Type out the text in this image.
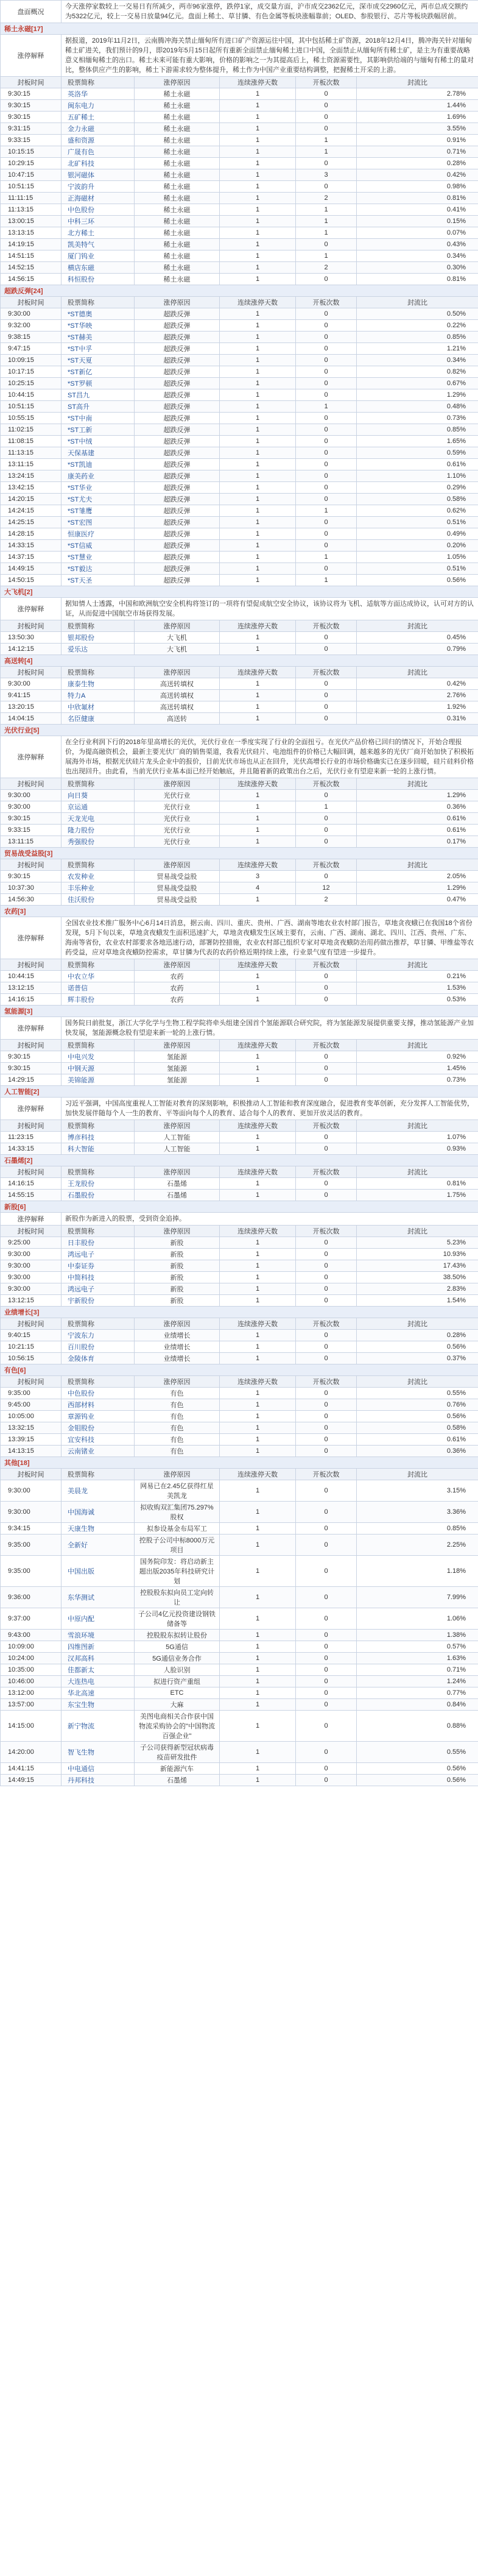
盘面概况	今天涨停家数较上一交易日有所减少，两市96家涨停，跌停1家，成交量方面，沪市成交2362亿元，深市成交2960亿元，两市总成交额约为5322亿元，较上一交易日放量94亿元。盘面上稀土、草甘膦、有色金属等板块涨幅靠前；OLED、参股银行、芯片等板块跌幅居前。				
稀土永磁[17]					
涨停解释	据报道，2019年11月2日，云南腾冲海关禁止缅甸所有进口矿产资源运往中国，其中包括稀土矿资源，2018年12月4日，腾冲海关针对缅甸稀土矿进关，我们预计的9月，即2019年5月15日起所有重新全面禁止缅甸稀土进口中国，全面禁止从缅甸所有稀土矿，是主为有重要战略意义相缅甸稀土的出口。稀土未来可能有重大影响，价格的影响之一为其提高后上，稀土资源需要性，其影响供给端的与缅甸有稀土的量对比，整体供应产生的影响，稀土下游需求较为整体提升，稀土作为中国产业重要结构调整，把握稀土开采的上游。				
封板时间	股票简称	涨停原因	连续涨停天数	开板次数	封流比
9:30:15	英洛华	稀土永磁	1	0	2.78%
9:30:15	闽东电力	稀土永磁	1	0	1.44%
9:30:15	五矿稀土	稀土永磁	1	0	1.69%
9:31:15	金力永磁	稀土永磁	1	0	3.55%
9:33:15	盛和资源	稀土永磁	1	1	0.91%
10:15:15	广晟有色	稀土永磁	1	1	0.71%
10:29:15	北矿科技	稀土永磁	1	0	0.28%
10:47:15	银河磁体	稀土永磁	1	3	0.42%
10:51:15	宁波韵升	稀土永磁	1	0	0.98%
11:11:15	正海磁材	稀土永磁	1	2	0.81%
11:13:15	中色股份	稀土永磁	1	1	0.41%
13:00:15	中科三环	稀土永磁	1	1	0.15%
13:13:15	北方稀土	稀土永磁	1	1	0.07%
14:19:15	凯美特气	稀土永磁	1	0	0.43%
14:51:15	厦门钨业	稀土永磁	1	1	0.34%
14:52:15	横店东磁	稀土永磁	1	2	0.30%
14:56:15	科恒股份	稀土永磁	1	0	0.81%
超跌反弹[24]					
封板时间	股票简称	涨停原因	连续涨停天数	开板次数	封流比
9:30:00	*ST德奥	超跌反弹	1	0	0.50%
9:32:00	*ST华映	超跌反弹	1	0	0.22%
9:38:15	*ST赫美	超跌反弹	1	0	0.85%
9:47:15	*ST中孚	超跌反弹	1	0	1.21%
10:09:15	*ST天夏	超跌反弹	1	0	0.34%
10:17:15	*ST新亿	超跌反弹	1	0	0.82%
10:25:15	*ST罗顿	超跌反弹	1	0	0.67%
10:44:15	ST昌九	超跌反弹	1	0	1.29%
10:51:15	ST高升	超跌反弹	1	1	0.48%
10:55:15	*ST中南	超跌反弹	1	0	0.73%
11:02:15	*ST工新	超跌反弹	1	0	0.85%
11:08:15	*ST中绒	超跌反弹	1	0	1.65%
11:13:15	天保基建	超跌反弹	1	0	0.59%
13:11:15	*ST凯迪	超跌反弹	1	0	0.61%
13:24:15	康美药业	超跌反弹	1	0	1.10%
13:42:15	*ST华业	超跌反弹	1	0	0.29%
14:20:15	*ST尤夫	超跌反弹	1	0	0.58%
14:24:15	*ST雏鹰	超跌反弹	1	1	0.62%
14:25:15	*ST宏图	超跌反弹	1	0	0.51%
14:28:15	恒康医疗	超跌反弹	1	0	0.49%
14:33:15	*ST信威	超跌反弹	1	0	0.20%
14:37:15	*ST慧业	超跌反弹	1	1	1.05%
14:49:15	*ST毅达	超跌反弹	1	0	0.51%
14:50:15	*ST天圣	超跌反弹	1	1	0.56%
大飞机[2]					
涨停解释	据知情人士透露，中国和欧洲航空安全机构将签订的一项将有望促成航空安全协议，该协议将为飞机、适航等方面达成协议，认可对方的认证，从而促进中国航空市场获得发展。				
封板时间	股票简称	涨停原因	连续涨停天数	开板次数	封流比
13:50:30	银邦股份	大飞机	1	0	0.45%
14:12:15	爱乐达	大飞机	1	0	0.79%
高送转[4]					
封板时间	股票简称	涨停原因	连续涨停天数	开板次数	封流比
9:30:00	康泰生物	高送转填权	1	0	0.42%
9:41:15	特力A	高送转填权	1	0	2.76%
13:20:15	中欣氟材	高送转填权	1	0	1.92%
14:04:15	名臣健康	高送转	1	0	0.31%
光伏行业[5]					
涨停解释	在全行业利润下行的2018年里高增长的光伏，光伏行业在一季度实现了行业的全面扭亏。在光伏产品价格已回归的情况下，开始合理报价，为提高融资机会，最新主要光伏厂商的销售渠道，我看光伏硅片、电池组件的价格已大幅回调，越来越多的光伏厂商开始加快了积极拓展海外市场，根据光伏硅片龙头企业中的报价，目前光伏市场也从正在回升，光伏高增长行业的市场价格确实已在逐步回暖，硅片硅料价格也出现回升。由此看，当前光伏行业基本面已经开始触底，并且随着新的政策出台之后，光伏行业有望迎来新一轮的上涨行情。				
封板时间	股票简称	涨停原因	连续涨停天数	开板次数	封流比
9:30:00	向日葵	光伏行业	1	0	1.29%
9:30:00	京运通	光伏行业	1	1	0.36%
9:30:15	天龙光电	光伏行业	1	0	0.61%
9:33:15	隆力股份	光伏行业	1	0	0.61%
13:11:15	秀强股份	光伏行业	1	0	0.17%
贸易战受益股[3]					
封板时间	股票简称	涨停原因	连续涨停天数	开板次数	封流比
9:30:15	农发种业	贸易战受益股	3	0	2.05%
10:37:30	丰乐种业	贸易战受益股	4	12	1.29%
14:56:30	佳沃股份	贸易战受益股	1	2	0.47%
农药[3]					
涨停解释	全国农业技术推广服务中心6月14日消息，据云南、四川、重庆、贵州、广西、湖南等地农业农村部门报告，草地贪夜蛾已在我国18个省份发现，5月下旬以来，草地贪夜蛾发生面积迅速扩大，草地贪夜蛾发生区域主要有，云南、广西、湖南、湖北、四川、江西、贵州、广东、海南等省份，农业农村部要求各地迅速行动，部署防控措施，农业农村部已组织专家对草地贪夜蛾防治用药做出推荐，草甘膦、甲维盐等农药受益，应对草地贪夜蛾防控需求，草甘膦为代表的农药价格近期持续上涨，行业景气度有望进一步提升。				
封板时间	股票简称	涨停原因	连续涨停天数	开板次数	封流比
10:44:15	中农立华	农药	1	0	0.21%
13:12:15	诺普信	农药	1	0	1.53%
14:16:15	辉丰股份	农药	1	0	0.53%
氢能源[3]					
涨停解释	国务院日前批复，浙江大学化学与生物工程学院将牵头组建全国首个氢能源联合研究院，将为氢能源发展提供重要支撑，推动氢能源产业加快发展，氢能源概念股有望迎来新一轮的上涨行情。				
封板时间	股票简称	涨停原因	连续涨停天数	开板次数	封流比
9:30:15	中电兴发	氢能源	1	0	0.92%
9:30:15	中钢天源	氢能源	1	0	1.45%
14:29:15	美锦能源	氢能源	1	0	0.73%
人工智能[2]					
涨停解释	习近平强调，中国高度重视人工智能对教育的深刻影响，积极推动人工智能和教育深度融合，促进教育变革创新，充分发挥人工智能优势，加快发展伴随每个人一生的教育、平等面向每个人的教育、适合每个人的教育、更加开放灵活的教育。				
封板时间	股票简称	涨停原因	连续涨停天数	开板次数	封流比
11:23:15	博彦科技	人工智能	1	0	1.07%
14:33:15	科大智能	人工智能	1	0	0.93%
石墨烯[2]					
封板时间	股票简称	涨停原因	连续涨停天数	开板次数	封流比
14:16:15	王龙股份	石墨烯	1	0	0.81%
14:55:15	石墨股份	石墨烯	1	0	1.75%
新股[6]					
涨停解释	新股作为新进入的股票，受到资金追捧。				
封板时间	股票简称	涨停原因	连续涨停天数	开板次数	封流比
9:25:00	日丰股份	新股	1	0	5.23%
9:30:00	鸿远电子	新股	1	0	10.93%
9:30:00	中泰证券	新股	1	0	17.43%
9:30:00	中简科技	新股	1	0	38.50%
9:30:00	鸿远电子	新股	1	0	2.83%
13:12:15	宇新股份	新股	1	0	1.54%
业绩增长[3]					
封板时间	股票简称	涨停原因	连续涨停天数	开板次数	封流比
9:40:15	宁波东力	业绩增长	1	0	0.28%
10:21:15	百川股份	业绩增长	1	0	0.56%
10:56:15	金陵体育	业绩增长	1	0	0.37%
有色[6]					
封板时间	股票简称	涨停原因	连续涨停天数	开板次数	封流比
9:35:00	中色股份	有色	1	0	0.55%
9:45:00	西部材料	有色	1	0	0.76%
10:05:00	章源钨业	有色	1	0	0.56%
13:32:15	金钼股份	有色	1	0	0.58%
13:39:15	宜安科技	有色	1	0	0.61%
14:13:15	云南锗业	有色	1	0	0.36%
其他[18]					
封板时间	股票简称	涨停原因	连续涨停天数	开板次数	封流比
9:30:00	美晨龙	网易已在2.45亿获得红星美凯龙	1	0	3.15%
9:30:00	中国海诚	拟收购双汇集团75.297%股权	1	0	3.36%
9:34:15	天康生物	拟参设基金布局军工	1	0	0.85%
9:35:00	全新好	控股子公司中标8000万元项目	1	0	2.25%
9:35:00	中国出版	国务院印发：将启动新主题出版2035年科技研究计划	1	0	1.18%
9:36:00	东华测试	控股股东拟向员工定向转让	1	0	7.99%
9:37:00	中原内配	子公司4亿元投资建设钢铁储备等	1	0	1.06%
9:43:00	雪浪环境	控股股东拟转让股份	1	0	1.38%
10:09:00	四维图新	5G通信	1	0	0.57%
10:24:00	汉邦高科	5G通信业务合作	1	0	1.63%
10:35:00	佳都新太	人脸识别	1	0	0.71%
10:46:00	大连热电	拟进行资产重组	1	0	1.24%
13:12:00	华北高速	ETC	1	0	0.77%
13:57:00	东宝生物	大麻	1	0	0.84%
14:15:00	新宁物流	美图电商相关合作获中国物流采购协会的"中国物流百强企业"	1	0	0.88%
14:20:00	智飞生物	子公司获得新型冠状病毒疫苗研发批件	1	0	0.55%
14:41:15	中电通信	新能源汽车	1	0	0.56%
14:49:15	丹邦科技	石墨烯	1	0	0.56%
